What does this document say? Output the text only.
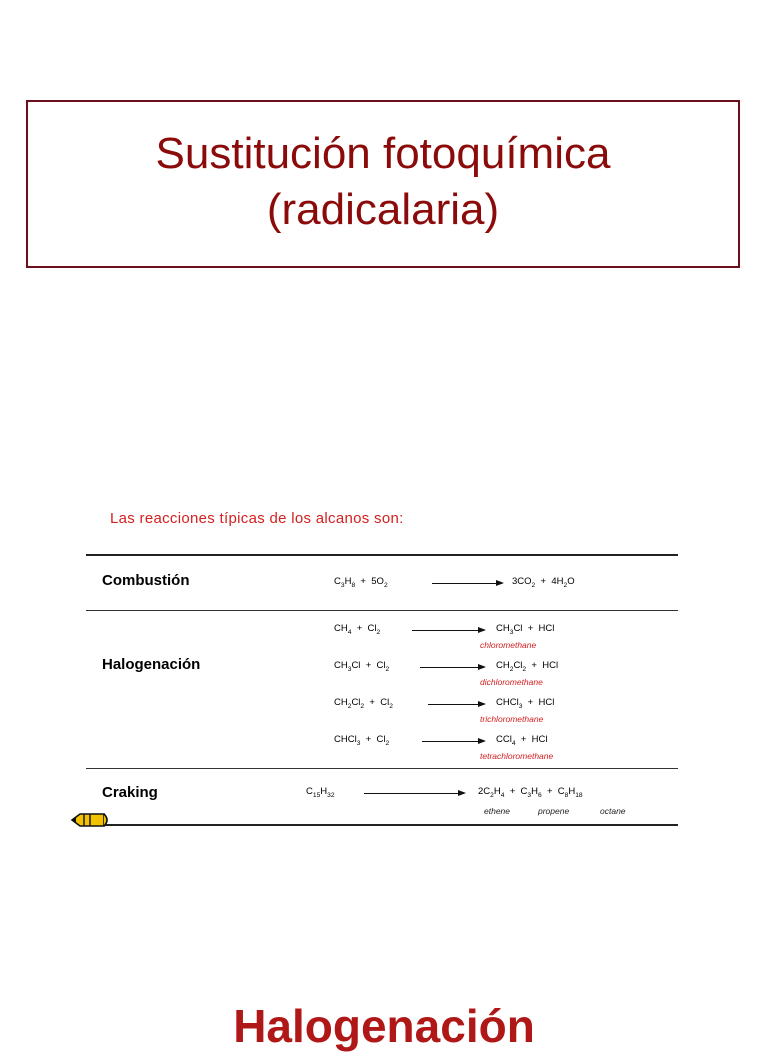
Sustitución fotoquímica
(radicalaria)
Las reacciones típicas de los alcanos son:
Combustión	$C_3H_8 + 5O_2$	$3CO_2 + 4H_2O$
Halogenación
$CH_4 + Cl_2$	$CH_3Cl$  +  HCl
chloromethane
$CH_3Cl + Cl_2 \to CH_2Cl_2$  +  HCl
dichloromethane
$CH_2Cl_2 + Cl_2$ → CHCl$_3$  +  HCl
trichloromethane
CHCl$_3$  +  $Cl_2 \to CCl_4$  +  HCl
tetrachloromethane
Craking	$C_{15}H_{32}$	$2C_2H_4 + C_3H_6 + C_8H_{18}$
ethene	propene	octane
Halogenación
